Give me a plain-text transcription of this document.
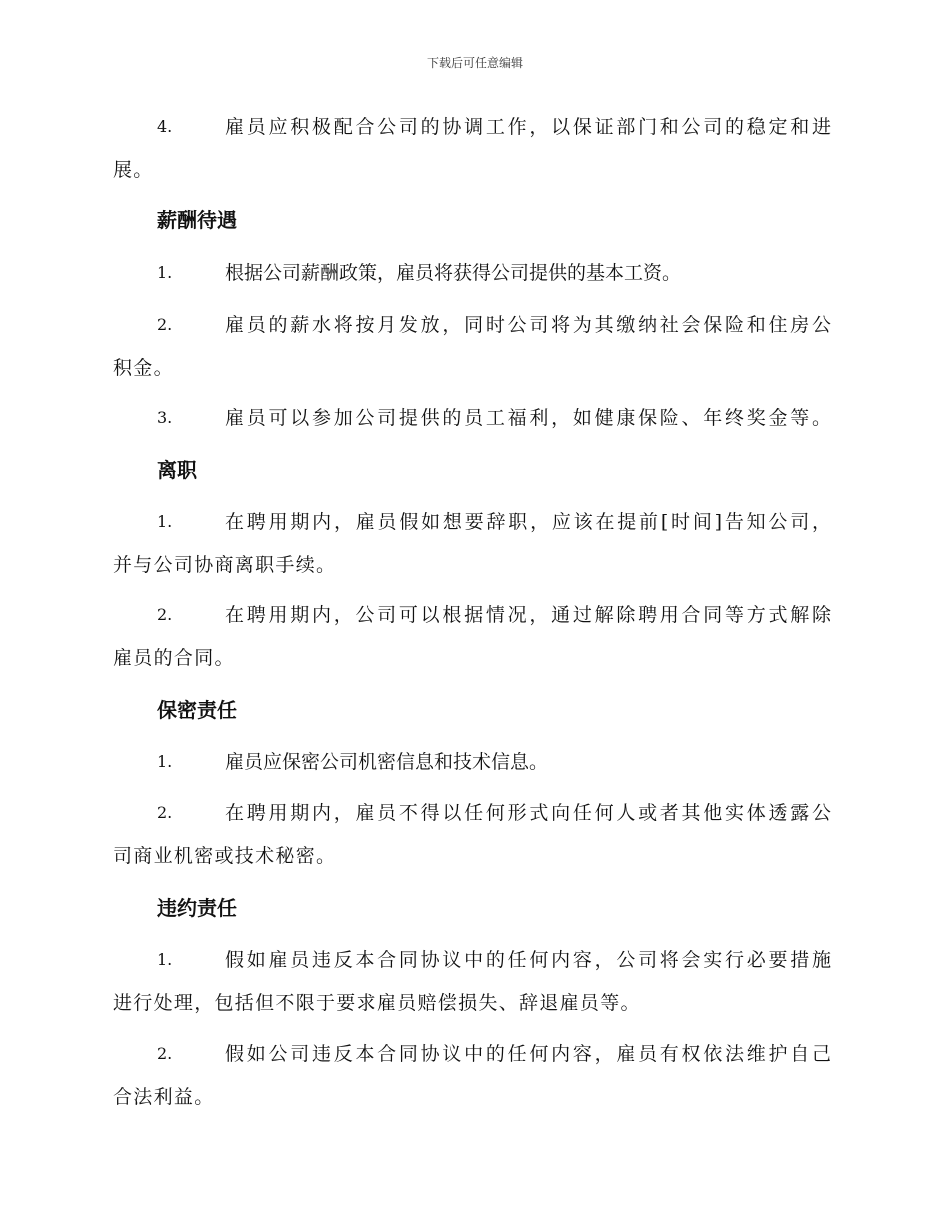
下载后可任意编辑
4.	雇员应积极配合公司的协调工作，以保证部门和公司的稳定和进
展。
薪酬待遇
1.	根据公司薪酬政策，雇员将获得公司提供的基本工资。
2.	雇员的薪水将按月发放，同时公司将为其缴纳社会保险和住房公
积金。
3.	雇员可以参加公司提供的员工福利，如健康保险、年终奖金等。
离职
1.	在聘用期内，雇员假如想要辞职，应该在提前[时间]告知公司，
并与公司协商离职手续。
2.	在聘用期内，公司可以根据情况，通过解除聘用合同等方式解除
雇员的合同。
保密责任
1.	雇员应保密公司机密信息和技术信息。
2.	在聘用期内，雇员不得以任何形式向任何人或者其他实体透露公
司商业机密或技术秘密。
违约责任
1.	假如雇员违反本合同协议中的任何内容，公司将会实行必要措施
进行处理，包括但不限于要求雇员赔偿损失、辞退雇员等。
2.	假如公司违反本合同协议中的任何内容，雇员有权依法维护自己
合法利益。
